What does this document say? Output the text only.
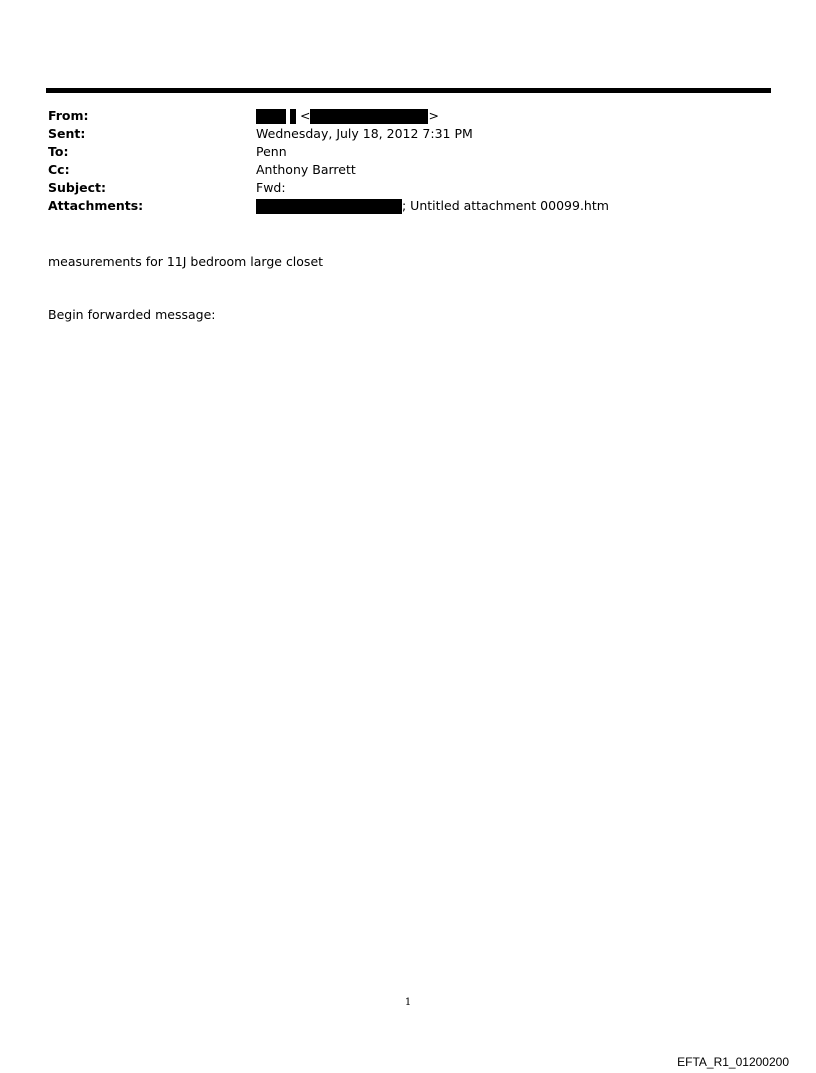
From:	<	>
Sent:	Wednesday, July 18, 2012 7:31 PM
To:	Penn
Cc:	Anthony Barrett
Subject:	Fwd:
Attachments:	; Untitled attachment 00099.htm
measurements for 11J bedroom large closet
Begin forwarded message:
1
EFTA_R1_01200200
